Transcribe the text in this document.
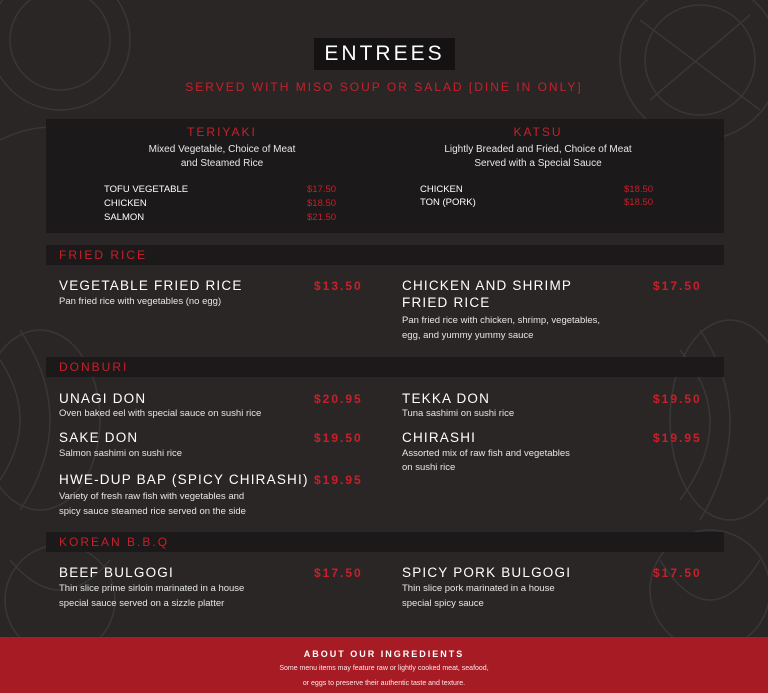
ENTREES
SERVED WITH MISO SOUP OR SALAD [DINE IN ONLY]
TERIYAKI
Mixed Vegetable, Choice of Meat
and Steamed Rice
TOFU VEGETABLE	$17.50
CHICKEN	$18.50
SALMON	$21.50
KATSU
Lightly Breaded and Fried, Choice of Meat
Served with a Special Sauce
CHICKEN	$18.50
TON (PORK)	$18.50
FRIED RICE
VEGETABLE FRIED RICE	$13.50
Pan fried rice with vegetables (no egg)
CHICKEN AND SHRIMP
FRIED RICE
$17.50
Pan fried rice with chicken, shrimp, vegetables,
egg, and yummy yummy sauce
DONBURI
UNAGI DON	$20.95
Oven baked eel with special sauce on sushi rice
SAKE DON	$19.50
Salmon sashimi on sushi rice
HWE-DUP BAP (SPICY CHIRASHI) $19.95
Variety of fresh raw fish with vegetables and
spicy sauce steamed rice served on the side
TEKKA DON	$19.50
Tuna sashimi on sushi rice
CHIRASHI	$19.95
Assorted mix of raw fish and vegetables
on sushi rice
KOREAN B.B.Q
BEEF BULGOGI	$17.50
Thin slice prime sirloin marinated in a house
special sauce served on a sizzle platter
SPICY PORK BULGOGI	$17.50
Thin slice pork marinated in a house
special spicy sauce
ABOUT OUR INGREDIENTS
Some menu items may feature raw or lightly cooked meat, seafood,
or eggs to preserve their authentic taste and texture.
